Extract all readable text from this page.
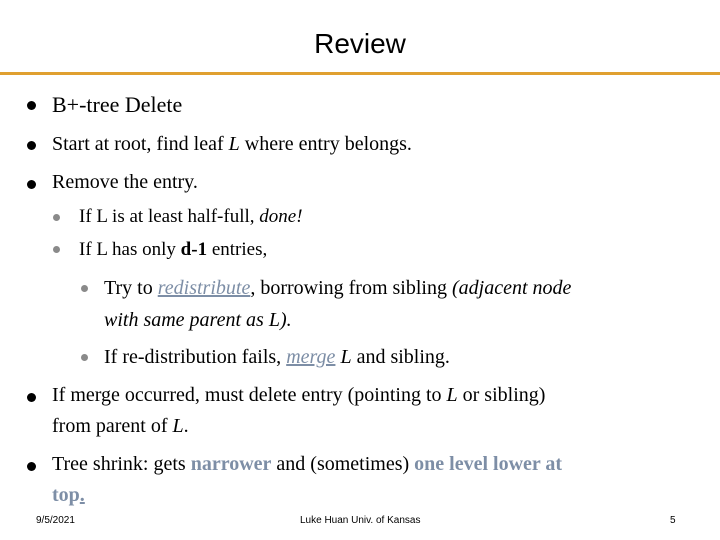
Review
B+-tree Delete
Start at root, find leaf L where entry belongs.
Remove the entry.
If L is at least half-full, done!
If L has only d-1 entries,
Try to redistribute, borrowing from sibling (adjacent node
with same parent as L).
If re-distribution fails, merge L and sibling.
If merge occurred, must delete entry (pointing to L or sibling)
from parent of L.
Tree shrink: gets narrower and (sometimes) one level lower at
top.
9/5/2021	Luke Huan Univ. of Kansas	5
